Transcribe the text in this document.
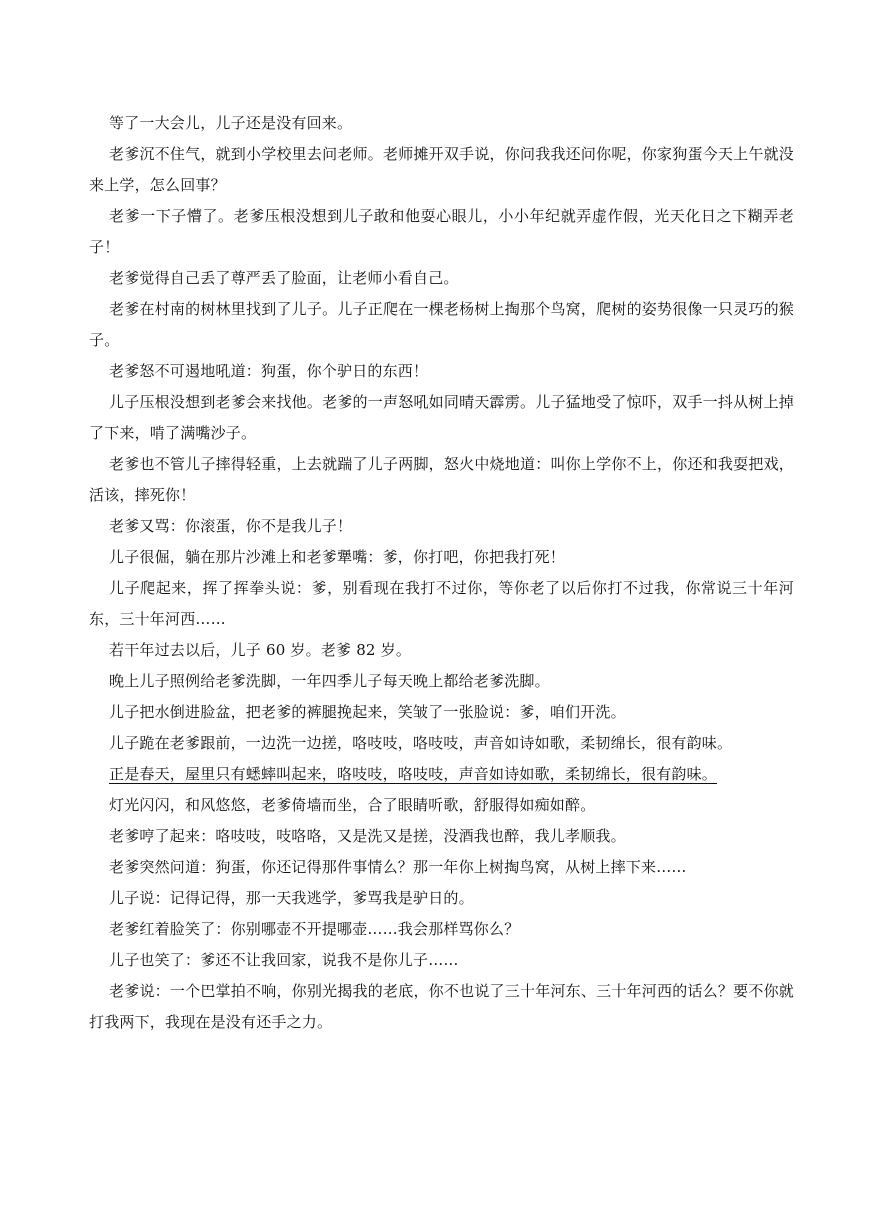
等了一大会儿，儿子还是没有回来。

老爹沉不住气，就到小学校里去问老师。老师摊开双手说，你问我我还问你呢，你家狗蛋今天上午就没来上学，怎么回事？

老爹一下子懵了。老爹压根没想到儿子敢和他耍心眼儿，小小年纪就弄虚作假，光天化日之下糊弄老子！

老爹觉得自己丢了尊严丢了脸面，让老师小看自己。

老爹在村南的树林里找到了儿子。儿子正爬在一棵老杨树上掏那个鸟窝，爬树的姿势很像一只灵巧的猴子。

老爹怒不可遏地吼道：狗蛋，你个驴日的东西！

儿子压根没想到老爹会来找他。老爹的一声怒吼如同晴天霹雳。儿子猛地受了惊吓，双手一抖从树上掉了下来，啃了满嘴沙子。

老爹也不管儿子摔得轻重，上去就踹了儿子两脚，怒火中烧地道：叫你上学你不上，你还和我耍把戏，活该，摔死你！

老爹又骂：你滚蛋，你不是我儿子！

儿子很倔，躺在那片沙滩上和老爹犟嘴：爹，你打吧，你把我打死！

儿子爬起来，挥了挥拳头说：爹，别看现在我打不过你，等你老了以后你打不过我，你常说三十年河东，三十年河西……

若干年过去以后，儿子 60 岁。老爹 82 岁。

晚上儿子照例给老爹洗脚，一年四季儿子每天晚上都给老爹洗脚。

儿子把水倒进脸盆，把老爹的裤腿挽起来，笑皱了一张脸说：爹，咱们开洗。

儿子跪在老爹跟前，一边洗一边搓，咯吱吱，咯吱吱，声音如诗如歌，柔韧绵长，很有韵味。

正是春天，屋里只有蟋蟀叫起来，咯吱吱，咯吱吱，声音如诗如歌，柔韧绵长，很有韵味。

灯光闪闪，和风悠悠，老爹倚墙而坐，合了眼睛听歌，舒服得如痴如醉。

老爹哼了起来：咯吱吱，吱咯咯，又是洗又是搓，没酒我也醉，我儿孝顺我。

老爹突然问道：狗蛋，你还记得那件事情么？那一年你上树掏鸟窝，从树上摔下来……

儿子说：记得记得，那一天我逃学，爹骂我是驴日的。

老爹红着脸笑了：你别哪壶不开提哪壶……我会那样骂你么？

儿子也笑了：爹还不让我回家，说我不是你儿子……

老爹说：一个巴掌拍不响，你别光揭我的老底，你不也说了三十年河东、三十年河西的话么？要不你就打我两下，我现在是没有还手之力。
